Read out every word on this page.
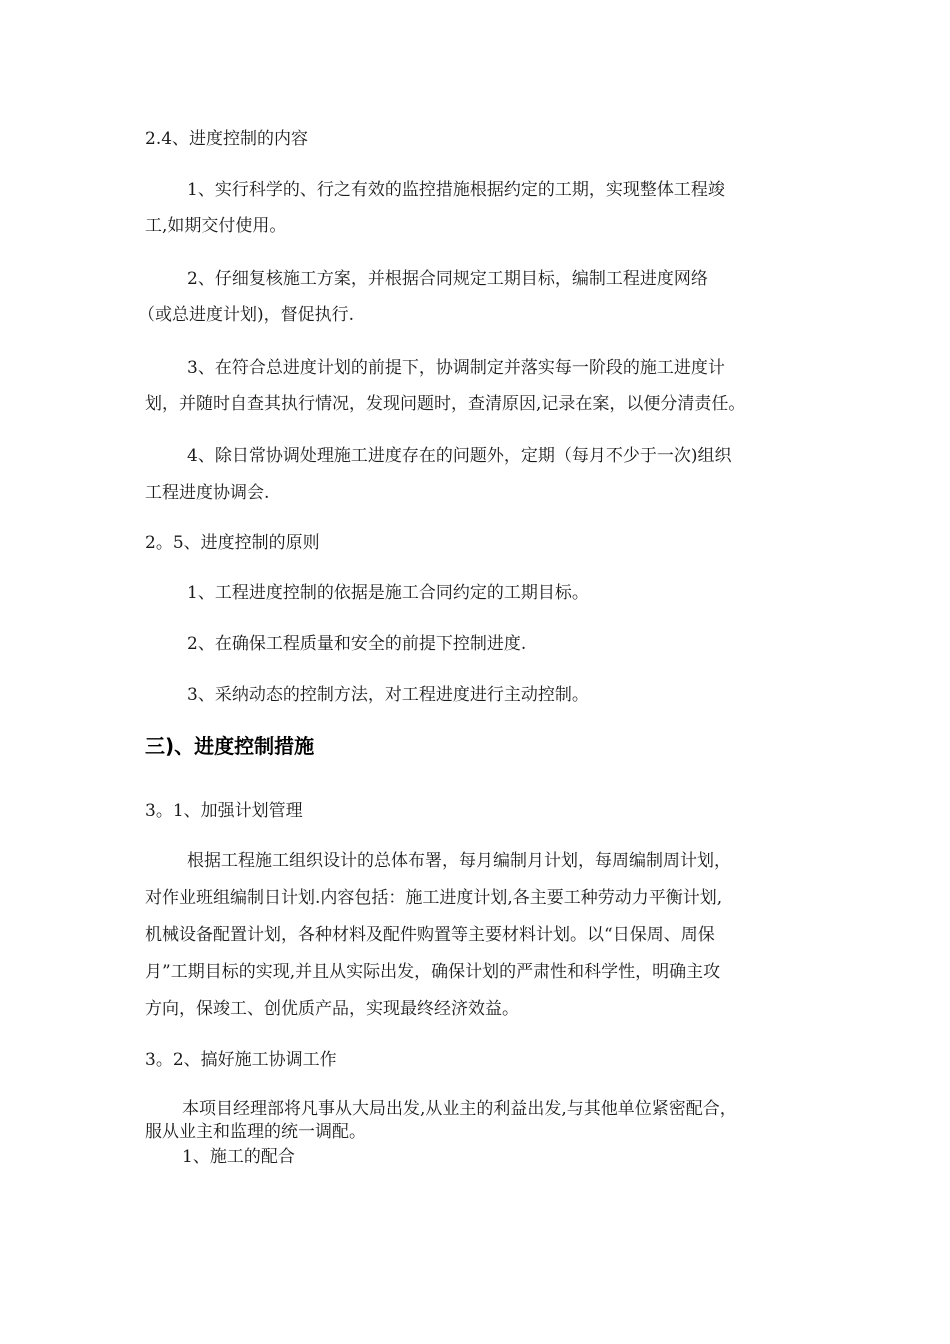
2.4、进度控制的内容

1、实行科学的、行之有效的监控措施根据约定的工期，实现整体工程竣

工,如期交付使用。

2、仔细复核施工方案，并根据合同规定工期目标，编制工程进度网络

（或总进度计划)，督促执行.

3、在符合总进度计划的前提下，协调制定并落实每一阶段的施工进度计

划，并随时自查其执行情况，发现问题时，查清原因,记录在案，以便分清责任。

4、除日常协调处理施工进度存在的问题外，定期（每月不少于一次)组织

工程进度协调会.

2。5、进度控制的原则

1、工程进度控制的依据是施工合同约定的工期目标。

2、在确保工程质量和安全的前提下控制进度.

3、采纳动态的控制方法，对工程进度进行主动控制。

三)、进度控制措施

3。1、加强计划管理

根据工程施工组织设计的总体布署，每月编制月计划，每周编制周计划，

对作业班组编制日计划.内容包括：施工进度计划,各主要工种劳动力平衡计划,

机械设备配置计划，各种材料及配件购置等主要材料计划。以“日保周、周保

月”工期目标的实现,并且从实际出发，确保计划的严肃性和科学性，明确主攻

方向，保竣工、创优质产品，实现最终经济效益。

3。2、搞好施工协调工作

本项目经理部将凡事从大局出发,从业主的利益出发,与其他单位紧密配合，

服从业主和监理的统一调配。

1、施工的配合
